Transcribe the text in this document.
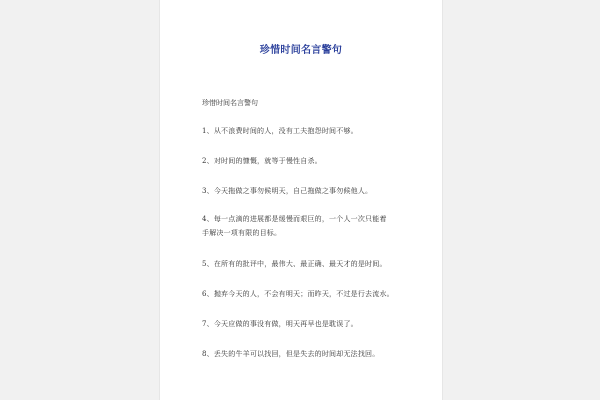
珍惜时间名言警句
珍惜时间名言警句
1、从不浪费时间的人，没有工夫抱怨时间不够。
2、对时间的慷慨，就等于慢性自杀。
3、今天拖做之事勿候明天，自己拖做之事勿候他人。
4、每一点滴的进展都是缓慢而艰巨的，一个人一次只能着
手解决一项有限的目标。
5、在所有的批评中，最伟大、最正确、最天才的是时间。
6、抛弃今天的人，不会有明天；而昨天，不过是行去流水。
7、今天应做的事没有做，明天再早也是耽误了。
8、丢失的牛羊可以找回，但是失去的时间却无法找回。
